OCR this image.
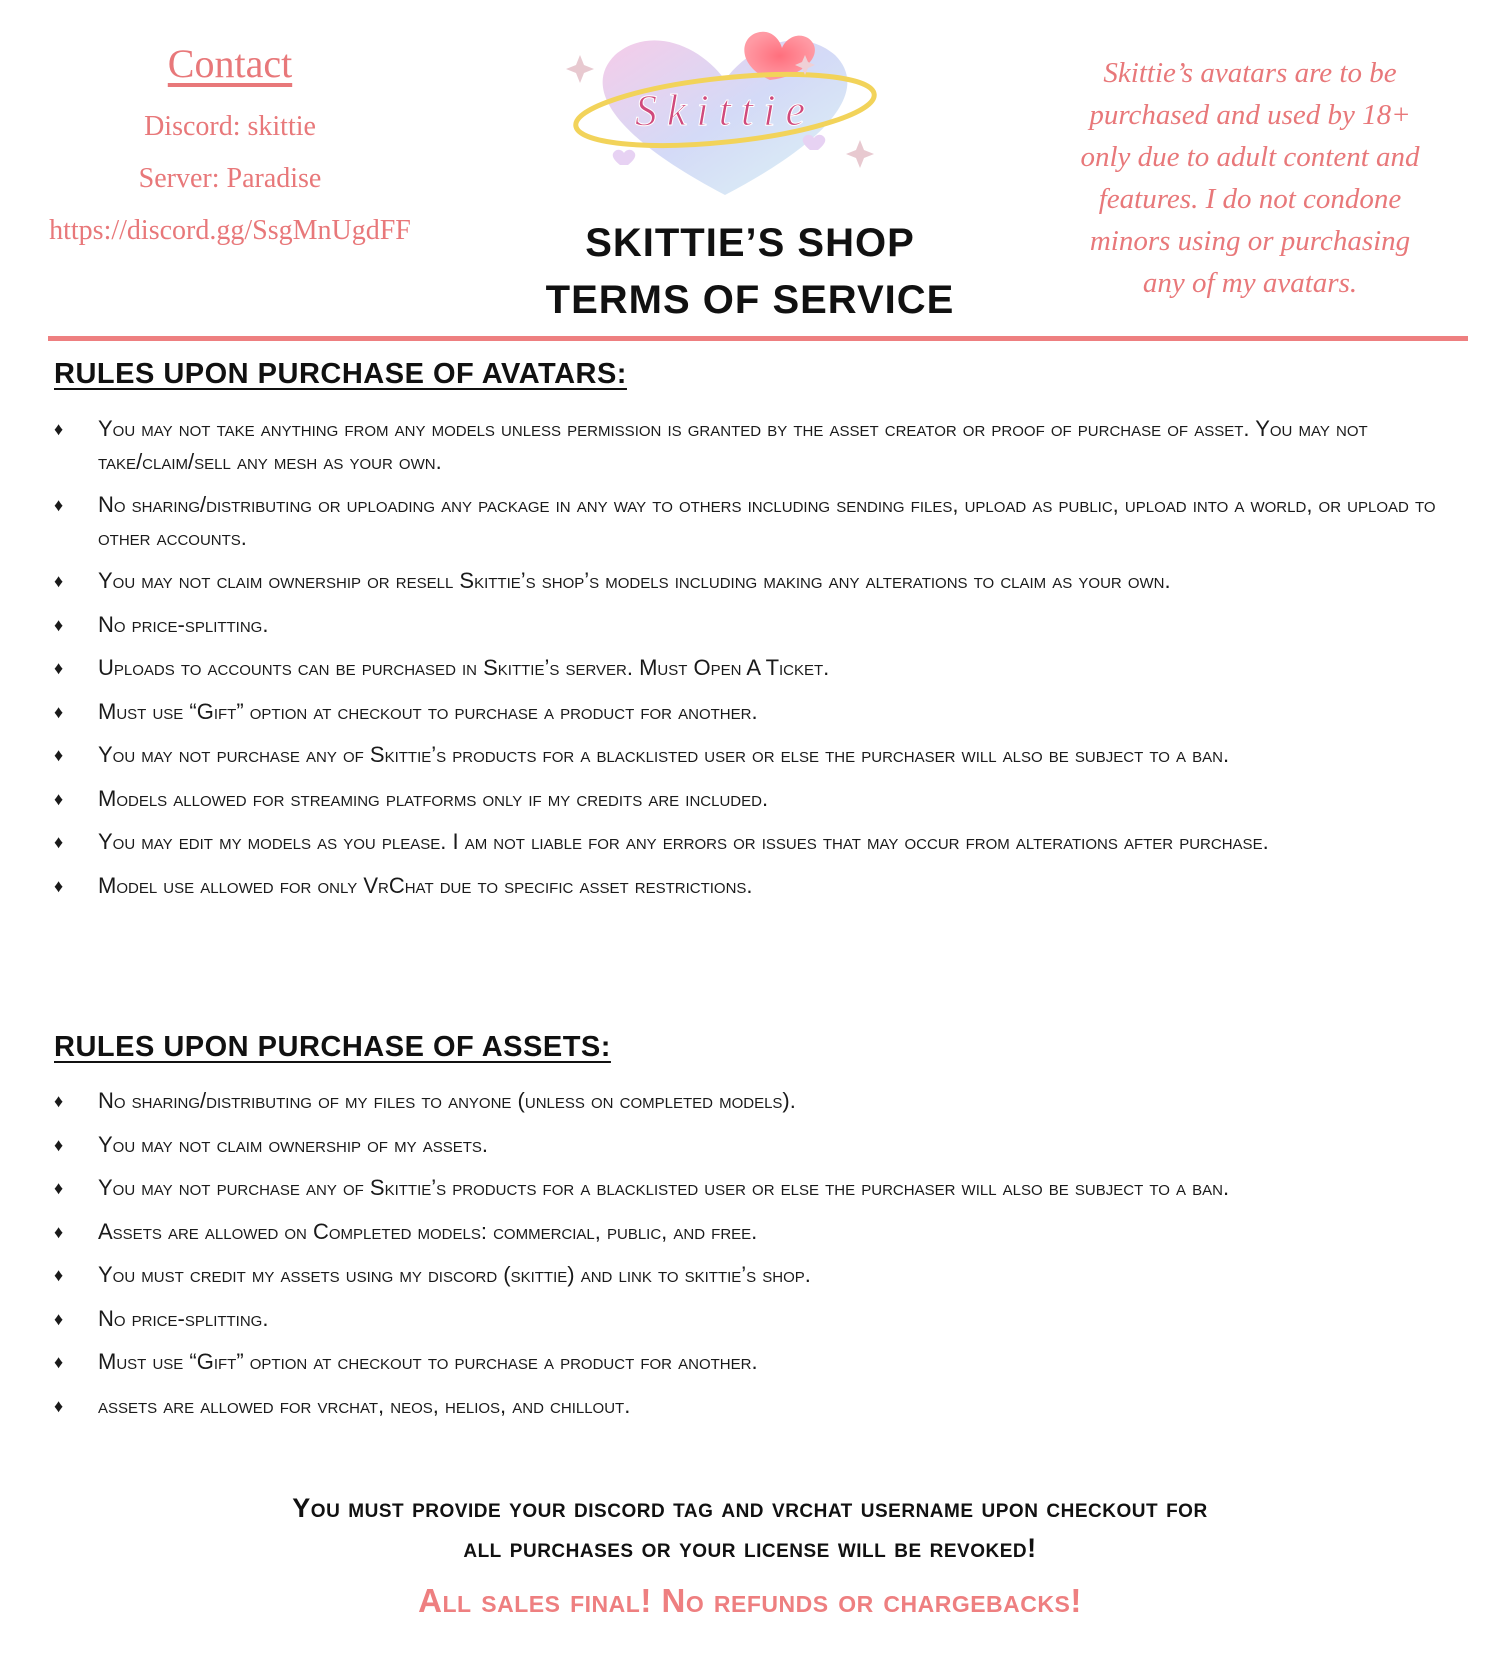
Contact
Discord: skittie
Server: Paradise
https://discord.gg/SsgMnUgdFF
Skittie
SKITTIE’S SHOP
TERMS OF SERVICE
Skittie’s avatars are to be
purchased and used by 18+
only due to adult content and
features. I do not condone
minors using or purchasing
any of my avatars.
RULES UPON PURCHASE OF AVATARS:
♦ You may not take anything from any models unless permission is granted by the asset creator or proof of purchase of asset. You may not take/claim/sell any mesh as your own.
♦ No sharing/distributing or uploading any package in any way to others including sending files, upload as public, upload into a world, or upload to other accounts.
♦ You may not claim ownership or resell Skittie’s shop’s models including making any alterations to claim as your own.
♦ No price-splitting.
♦ Uploads to accounts can be purchased in Skittie’s server. Must Open A Ticket.
♦ Must use “Gift” option at checkout to purchase a product for another.
♦ You may not purchase any of Skittie’s products for a blacklisted user or else the purchaser will also be subject to a ban.
♦ Models allowed for streaming platforms only if my credits are included.
♦ You may edit my models as you please. I am not liable for any errors or issues that may occur from alterations after purchase.
♦ Model use allowed for only VrChat due to specific asset restrictions.
RULES UPON PURCHASE OF ASSETS:
♦ No sharing/distributing of my files to anyone (unless on completed models).
♦ You may not claim ownership of my assets.
♦ You may not purchase any of Skittie’s products for a blacklisted user or else the purchaser will also be subject to a ban.
♦ Assets are allowed on Completed models: commercial, public, and free.
♦ You must credit my assets using my discord (skittie) and link to skittie’s shop.
♦ No price-splitting.
♦ Must use “Gift” option at checkout to purchase a product for another.
♦ assets are allowed for vrchat, neos, helios, and chillout.
You must provide your discord tag and vrchat username upon checkout for
all purchases or your license will be revoked!
All sales final! No refunds or chargebacks!
